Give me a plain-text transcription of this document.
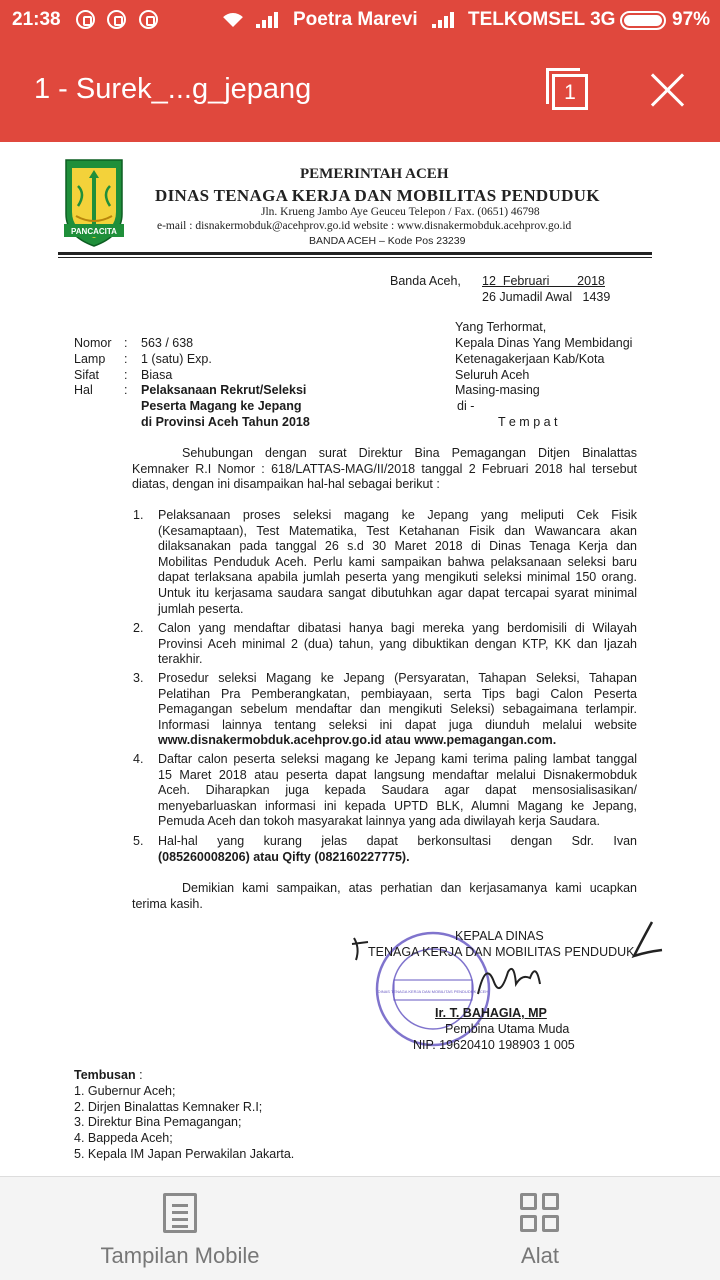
21:38	Poetra Marevi	TELKOMSEL 3G	97%
1 - Surek_...g_jepang	1
PANCACITA
PEMERINTAH ACEH
DINAS TENAGA KERJA DAN MOBILITAS PENDUDUK
Jln. Krueng Jambo Aye Geuceu Telepon / Fax. (0651) 46798
e-mail : disnakermobduk@acehprov.go.id website : www.disnakermobduk.acehprov.go.id
BANDA ACEH – Kode Pos 23239
Banda Aceh, 12  Februari        2018
26 Jumadil Awal   1439
Nomor : 563 / 638
Lamp : 1 (satu) Exp.
Sifat : Biasa
Hal : Pelaksanaan Rekrut/Seleksi
Peserta Magang ke Jepang
di Provinsi Aceh Tahun 2018
Yang Terhormat,
Kepala Dinas Yang Membidangi
Ketenagakerjaan Kab/Kota
Seluruh Aceh
Masing-masing
di -
T e m p a t
Sehubungan dengan surat Direktur Bina Pemagangan Ditjen Binalattas
Kemnaker R.I Nomor : 618/LATTAS-MAG/II/2018 tanggal 2 Februari 2018 hal tersebut
diatas, dengan ini disampaikan hal-hal sebagai berikut :
1. Pelaksanaan proses seleksi magang ke Jepang yang meliputi Cek Fisik
(Kesamaptaan), Test Matematika, Test Ketahanan Fisik dan Wawancara akan
dilaksanakan pada tanggal 26 s.d 30 Maret 2018 di Dinas Tenaga Kerja dan
Mobilitas Penduduk Aceh. Perlu kami sampaikan bahwa pelaksanaan seleksi baru
dapat terlaksana apabila jumlah peserta yang mengikuti seleksi minimal 150 orang.
Untuk itu kerjasama saudara sangat dibutuhkan agar dapat tercapai syarat minimal
jumlah peserta.
2. Calon yang mendaftar dibatasi hanya bagi mereka yang berdomisili di Wilayah
Provinsi Aceh minimal 2 (dua) tahun, yang dibuktikan dengan KTP, KK dan Ijazah
terakhir.
3. Prosedur seleksi Magang ke Jepang (Persyaratan, Tahapan Seleksi, Tahapan
Pelatihan Pra Pemberangkatan, pembiayaan, serta Tips bagi Calon Peserta
Pemagangan sebelum mendaftar dan mengikuti Seleksi) sebagaimana terlampir.
Informasi lainnya tentang seleksi ini dapat juga diunduh melalui website
www.disnakermobduk.acehprov.go.id atau www.pemagangan.com.
4. Daftar calon peserta seleksi magang ke Jepang kami terima paling lambat tanggal
15 Maret 2018 atau peserta dapat langsung mendaftar melalui Disnakermobduk
Aceh. Diharapkan juga kepada Saudara agar dapat mensosialisasikan/
menyebarluaskan informasi ini kepada UPTD BLK, Alumni Magang ke Jepang,
Pemuda Aceh dan tokoh masyarakat lainnya yang ada diwilayah kerja Saudara.
5. Hal-hal yang kurang jelas dapat berkonsultasi dengan Sdr. Ivan
(085260008206) atau Qifty (082160227775).
Demikian kami sampaikan, atas perhatian dan kerjasamanya kami ucapkan
terima kasih.
DINAS TENAGA KERJA DAN MOBILITAS PENDUDUK ACEH
KEPALA DINAS
TENAGA KERJA DAN MOBILITAS PENDUDUK
Ir. T. BAHAGIA, MP
Pembina Utama Muda
NIP. 19620410 198903 1 005
Tembusan :
1. Gubernur Aceh;
2. Dirjen Binalattas Kemnaker R.I;
3. Direktur Bina Pemagangan;
4. Bappeda Aceh;
5. Kepala IM Japan Perwakilan Jakarta.
Tampilan Mobile	Alat
